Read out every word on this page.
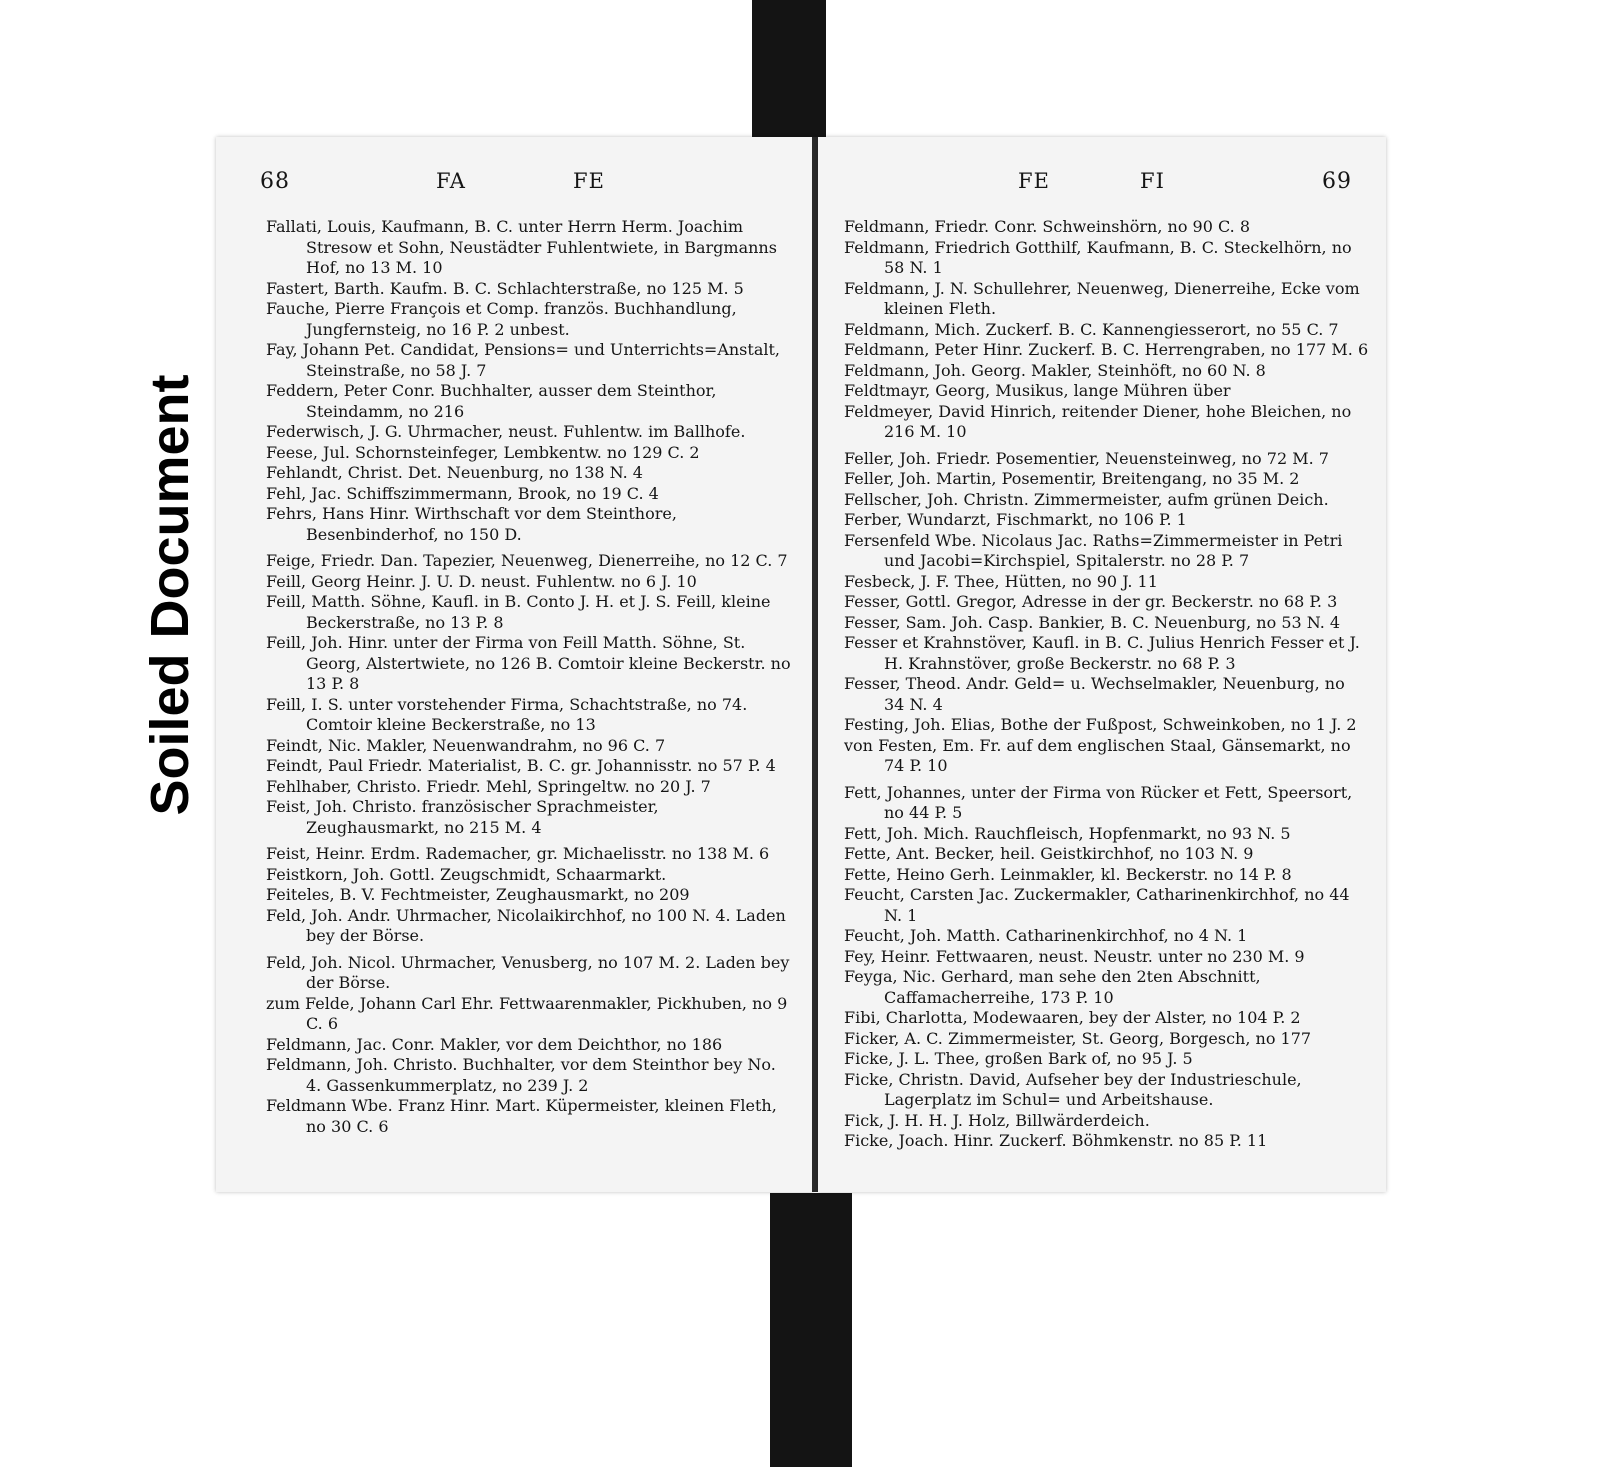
Soiled Document
68	FA	FE

Fallati, Louis, Kaufmann, B. C. unter Herrn Herm. Joachim Stresow et Sohn, Neustädter Fuhlentwiete, in Bargmanns Hof, no 13 M. 10

Fastert, Barth. Kaufm. B. C. Schlachterstraße, no 125 M. 5

Fauche, Pierre François et Comp. französ. Buchhandlung, Jungfernsteig, no 16 P. 2 unbest.

Fay, Johann Pet. Candidat, Pensions= und Unterrichts=Anstalt, Steinstraße, no 58 J. 7

Feddern, Peter Conr. Buchhalter, ausser dem Steinthor, Steindamm, no 216

Federwisch, J. G. Uhrmacher, neust. Fuhlentw. im Ballhofe.

Feese, Jul. Schornsteinfeger, Lembkentw. no 129 C. 2

Fehlandt, Christ. Det. Neuenburg, no 138 N. 4

Fehl, Jac. Schiffszimmermann, Brook, no 19 C. 4

Fehrs, Hans Hinr. Wirthschaft vor dem Steinthore, Besenbinderhof, no 150 D.

Feige, Friedr. Dan. Tapezier, Neuenweg, Dienerreihe, no 12 C. 7

Feill, Georg Heinr. J. U. D. neust. Fuhlentw. no 6 J. 10

Feill, Matth. Söhne, Kaufl. in B. Conto J. H. et J. S. Feill, kleine Beckerstraße, no 13 P. 8

Feill, Joh. Hinr. unter der Firma von Feill Matth. Söhne, St. Georg, Alstertwiete, no 126 B. Comtoir kleine Beckerstr. no 13 P. 8

Feill, I. S. unter vorstehender Firma, Schachtstraße, no 74. Comtoir kleine Beckerstraße, no 13

Feindt, Nic. Makler, Neuenwandrahm, no 96 C. 7

Feindt, Paul Friedr. Materialist, B. C. gr. Johannisstr. no 57 P. 4

Fehlhaber, Christo. Friedr. Mehl, Springeltw. no 20 J. 7

Feist, Joh. Christo. französischer Sprachmeister, Zeughausmarkt, no 215 M. 4

Feist, Heinr. Erdm. Rademacher, gr. Michaelisstr. no 138 M. 6

Feistkorn, Joh. Gottl. Zeugschmidt, Schaarmarkt.

Feiteles, B. V. Fechtmeister, Zeughausmarkt, no 209

Feld, Joh. Andr. Uhrmacher, Nicolaikirchhof, no 100 N. 4. Laden bey der Börse.

Feld, Joh. Nicol. Uhrmacher, Venusberg, no 107 M. 2. Laden bey der Börse.

zum Felde, Johann Carl Ehr. Fettwaarenmakler, Pickhuben, no 9 C. 6

Feldmann, Jac. Conr. Makler, vor dem Deichthor, no 186

Feldmann, Joh. Christo. Buchhalter, vor dem Steinthor bey No. 4. Gassenkummerplatz, no 239 J. 2

Feldmann Wbe. Franz Hinr. Mart. Küpermeister, kleinen Fleth, no 30 C. 6

FE	FI	69

Feldmann, Friedr. Conr. Schweinshörn, no 90 C. 8

Feldmann, Friedrich Gotthilf, Kaufmann, B. C. Steckelhörn, no 58 N. 1

Feldmann, J. N. Schullehrer, Neuenweg, Dienerreihe, Ecke vom kleinen Fleth.

Feldmann, Mich. Zuckerf. B. C. Kannengiesserort, no 55 C. 7

Feldmann, Peter Hinr. Zuckerf. B. C. Herrengraben, no 177 M. 6

Feldmann, Joh. Georg. Makler, Steinhöft, no 60 N. 8

Feldtmayr, Georg, Musikus, lange Mühren über

Feldmeyer, David Hinrich, reitender Diener, hohe Bleichen, no 216 M. 10

Feller, Joh. Friedr. Posementier, Neuensteinweg, no 72 M. 7

Feller, Joh. Martin, Posementir, Breitengang, no 35 M. 2

Fellscher, Joh. Christn. Zimmermeister, aufm grünen Deich.

Ferber, Wundarzt, Fischmarkt, no 106 P. 1

Fersenfeld Wbe. Nicolaus Jac. Raths=Zimmermeister in Petri und Jacobi=Kirchspiel, Spitalerstr. no 28 P. 7

Fesbeck, J. F. Thee, Hütten, no 90 J. 11

Fesser, Gottl. Gregor, Adresse in der gr. Beckerstr. no 68 P. 3

Fesser, Sam. Joh. Casp. Bankier, B. C. Neuenburg, no 53 N. 4

Fesser et Krahnstöver, Kaufl. in B. C. Julius Henrich Fesser et J. H. Krahnstöver, große Beckerstr. no 68 P. 3

Fesser, Theod. Andr. Geld= u. Wechselmakler, Neuenburg, no 34 N. 4

Festing, Joh. Elias, Bothe der Fußpost, Schweinkoben, no 1 J. 2

von Festen, Em. Fr. auf dem englischen Staal, Gänsemarkt, no 74 P. 10

Fett, Johannes, unter der Firma von Rücker et Fett, Speersort, no 44 P. 5

Fett, Joh. Mich. Rauchfleisch, Hopfenmarkt, no 93 N. 5

Fette, Ant. Becker, heil. Geistkirchhof, no 103 N. 9

Fette, Heino Gerh. Leinmakler, kl. Beckerstr. no 14 P. 8

Feucht, Carsten Jac. Zuckermakler, Catharinenkirchhof, no 44 N. 1

Feucht, Joh. Matth. Catharinenkirchhof, no 4 N. 1

Fey, Heinr. Fettwaaren, neust. Neustr. unter no 230 M. 9

Feyga, Nic. Gerhard, man sehe den 2ten Abschnitt, Caffamacherreihe, 173 P. 10

Fibi, Charlotta, Modewaaren, bey der Alster, no 104 P. 2

Ficker, A. C. Zimmermeister, St. Georg, Borgesch, no 177

Ficke, J. L. Thee, großen Bark of, no 95 J. 5

Ficke, Christn. David, Aufseher bey der Industrieschule, Lagerplatz im Schul= und Arbeitshause.

Fick, J. H. H. J. Holz, Billwärderdeich.

Ficke, Joach. Hinr. Zuckerf. Böhmkenstr. no 85 P. 11
